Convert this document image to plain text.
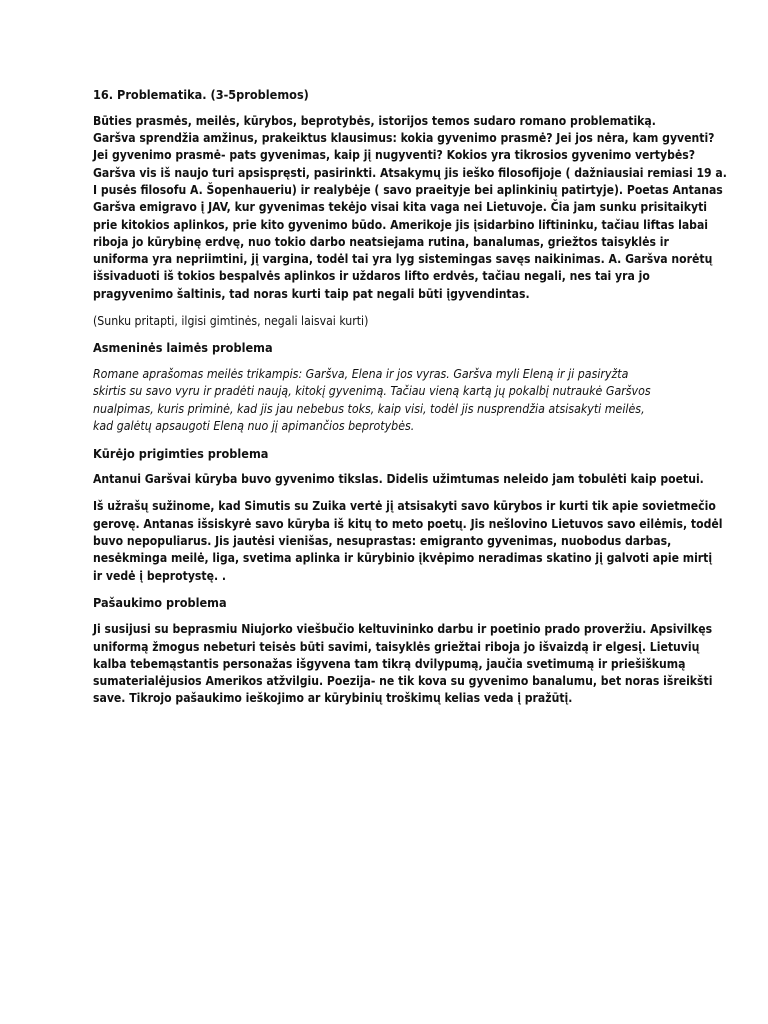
16. Problematika. (3-5problemos)

Būties prasmės, meilės, kūrybos, beprotybės, istorijos temos sudaro romano problematiką.
Garšva sprendžia amžinus, prakeiktus klausimus: kokia gyvenimo prasmė? Jei jos nėra, kam gyventi?
Jei gyvenimo prasmė- pats gyvenimas, kaip jį nugyventi? Kokios yra tikrosios gyvenimo vertybės?
Garšva vis iš naujo turi apsispręsti, pasirinkti. Atsakymų jis ieško filosofijoje ( dažniausiai remiasi 19 a.
I pusės filosofu A. Šopenhaueriu) ir realybėje ( savo praeityje bei aplinkinių patirtyje). Poetas Antanas
Garšva emigravo į JAV, kur gyvenimas tekėjo visai kita vaga nei Lietuvoje. Čia jam sunku prisitaikyti
prie kitokios aplinkos, prie kito gyvenimo būdo. Amerikoje jis įsidarbino liftininku, tačiau liftas labai
riboja jo kūrybinę erdvę, nuo tokio darbo neatsiejama rutina, banalumas, griežtos taisyklės ir
uniforma yra nepriimtini, jį vargina, todėl tai yra lyg sistemingas savęs naikinimas. A. Garšva norėtų
išsivaduoti iš tokios bespalvės aplinkos ir uždaros lifto erdvės, tačiau negali, nes tai yra jo
pragyvenimo šaltinis, tad noras kurti taip pat negali būti įgyvendintas.

(Sunku pritapti, ilgisi gimtinės, negali laisvai kurti)

Asmeninės laimės problema

Romane aprašomas meilės trikampis: Garšva, Elena ir jos vyras. Garšva myli Eleną ir ji pasiryžta
skirtis su savo vyru ir pradėti naują, kitokį gyvenimą. Tačiau vieną kartą jų pokalbį nutraukė Garšvos
nualpimas, kuris priminė, kad jis jau nebebus toks, kaip visi, todėl jis nusprendžia atsisakyti meilės,
kad galėtų apsaugoti Eleną nuo jį apimančios beprotybės.

Kūrėjo prigimties problema

Antanui Garšvai kūryba buvo gyvenimo tikslas. Didelis užimtumas neleido jam tobulėti kaip poetui.

Iš užrašų sužinome, kad Simutis su Zuika vertė jį atsisakyti savo kūrybos ir kurti tik apie sovietmečio
gerovę. Antanas išsiskyrė savo kūryba iš kitų to meto poetų. Jis nešlovino Lietuvos savo eilėmis, todėl
buvo nepopuliarus. Jis jautėsi vienišas, nesuprastas: emigranto gyvenimas, nuobodus darbas,
nesėkminga meilė, liga, svetima aplinka ir kūrybinio įkvėpimo neradimas skatino jį galvoti apie mirtį
ir vedė į beprotystę. .

Pašaukimo problema

Ji susijusi su beprasmiu Niujorko viešbučio keltuvininko darbu ir poetinio prado proveržiu. Apsivilkęs
uniformą žmogus nebeturi teisės būti savimi, taisyklės griežtai riboja jo išvaizdą ir elgesį. Lietuvių
kalba tebemąstantis personažas išgyvena tam tikrą dvilypumą, jaučia svetimumą ir priešiškumą
sumaterialėjusios Amerikos atžvilgiu. Poezija- ne tik kova su gyvenimo banalumu, bet noras išreikšti
save. Tikrojo pašaukimo ieškojimo ar kūrybinių troškimų kelias veda į pražūtį.
